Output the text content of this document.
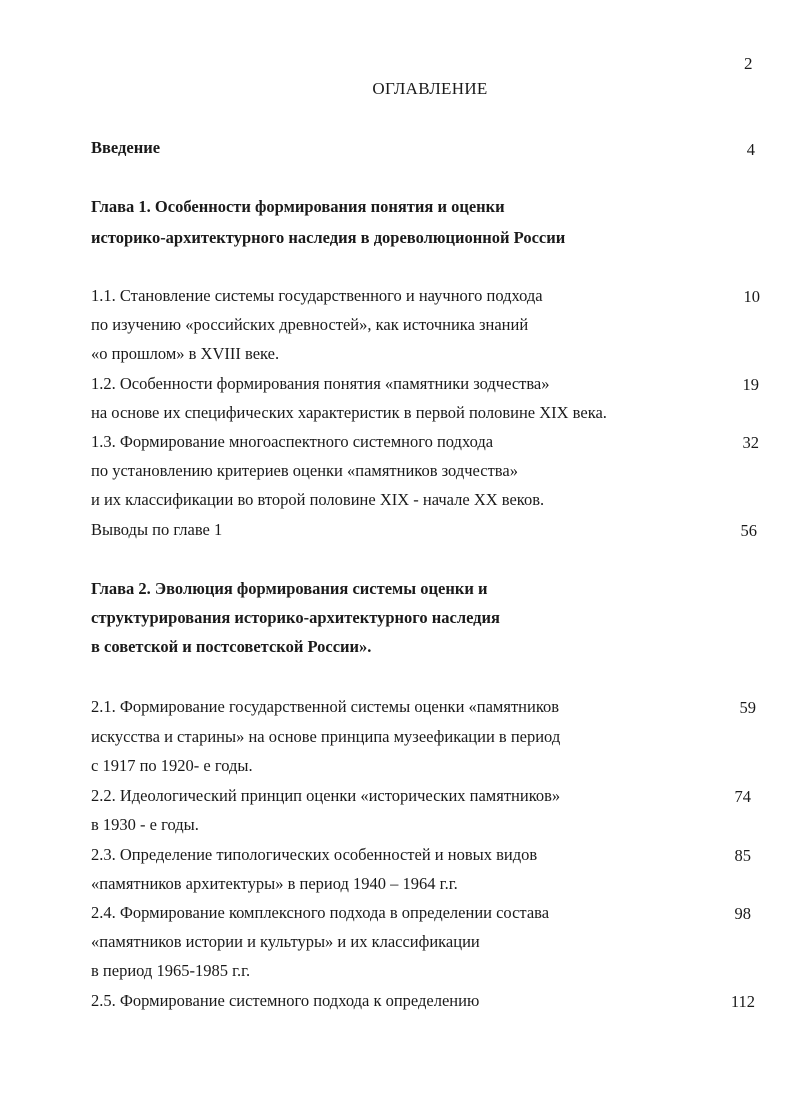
2
ОГЛАВЛЕНИЕ
Введение	4
Глава 1. Особенности формирования понятия и оценки
историко-архитектурного наследия в дореволюционной России
1.1. Становление системы государственного и научного подхода
по изучению «российских древностей», как источника знаний
«о прошлом» в XVIII веке.
10
1.2. Особенности формирования понятия «памятники зодчества»
на основе их специфических характеристик в первой половине XIX века.
19
1.3. Формирование многоаспектного системного подхода
по установлению критериев оценки «памятников зодчества»
и их классификации во второй половине XIX - начале XX веков.
32
Выводы по главе 1	56
Глава 2. Эволюция формирования системы оценки и
структурирования историко-архитектурного наследия
в советской и постсоветской России».
2.1. Формирование государственной системы оценки «памятников
искусства и старины» на основе принципа музеефикации в период
с 1917 по 1920- е годы.
59
2.2. Идеологический принцип оценки «исторических памятников»
в 1930 - е годы.
74
2.3. Определение типологических особенностей и новых видов
«памятников архитектуры» в период 1940 – 1964 г.г.
85
2.4. Формирование комплексного подхода в определении состава
«памятников истории и культуры» и их классификации
в период 1965-1985 г.г.
98
2.5. Формирование системного подхода к определению	112
